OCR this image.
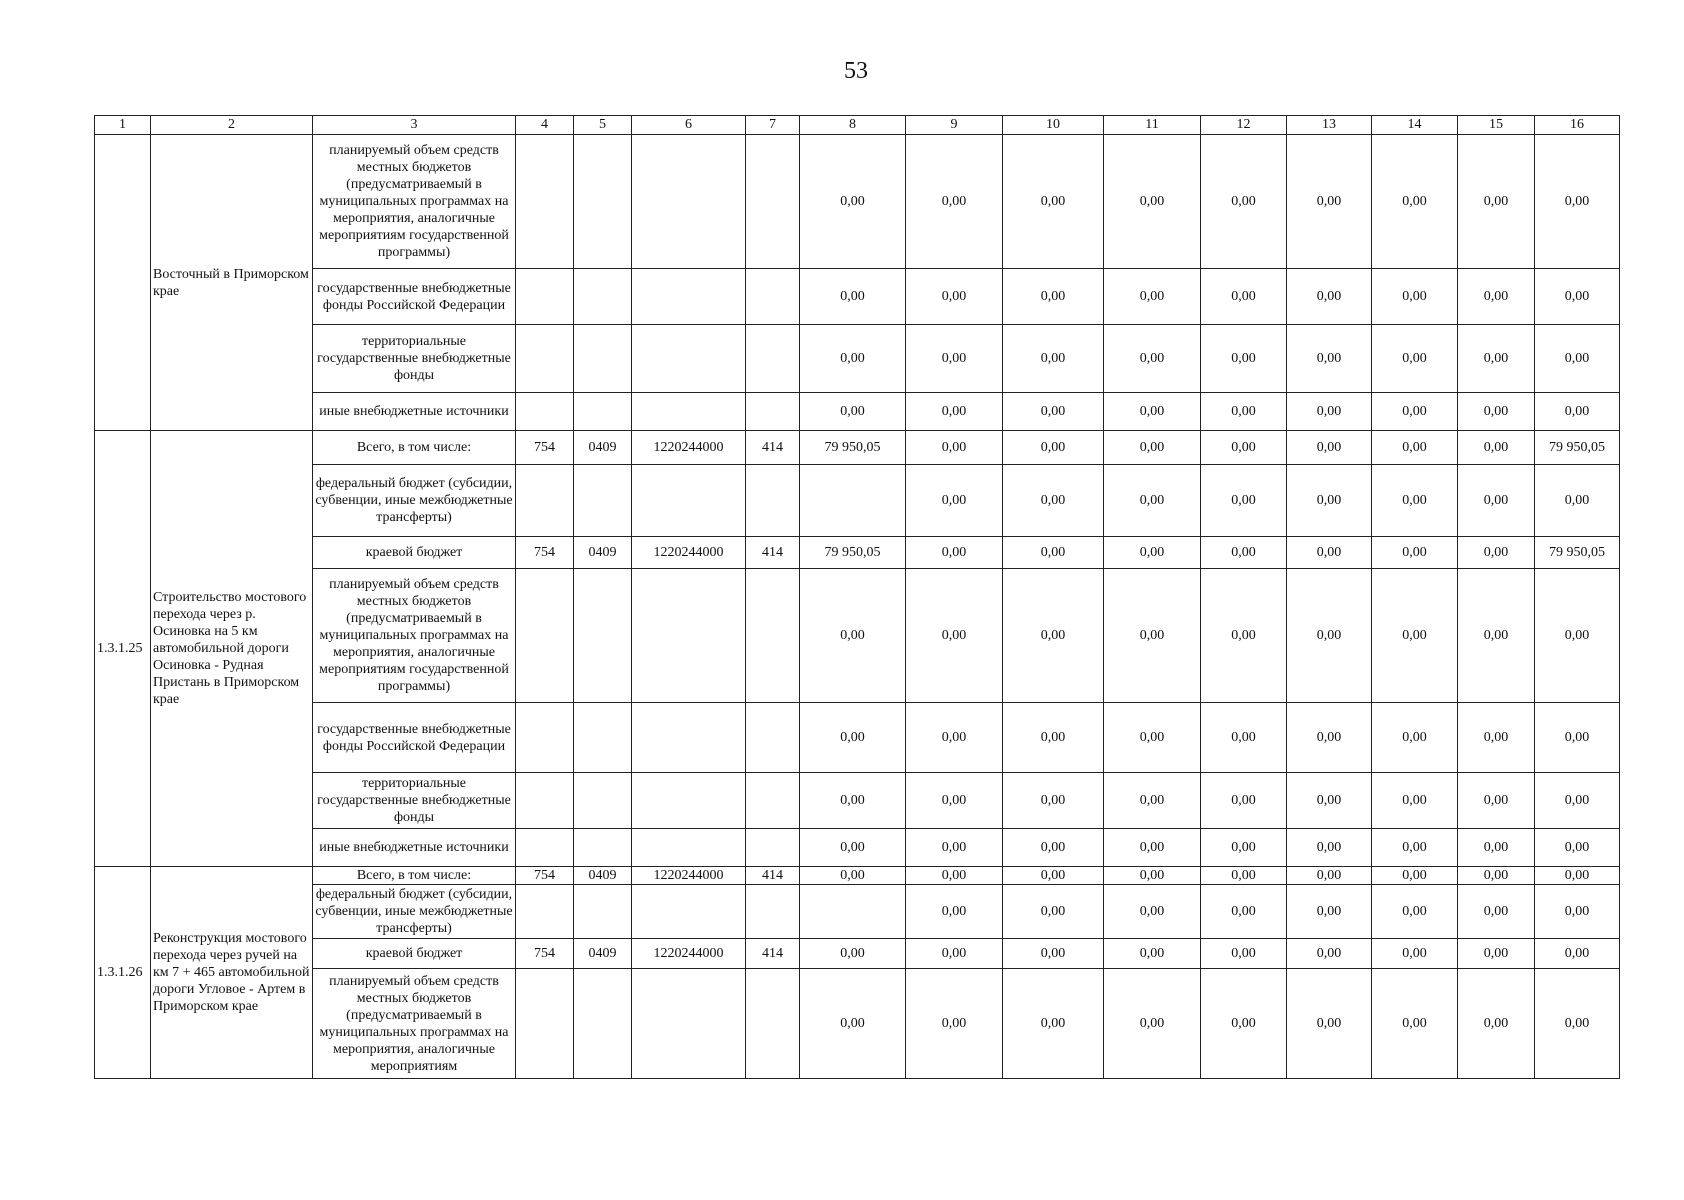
53
1	2	3	4	5	6	7	8	9	10	11	12	13	14	15	16
	Восточный в Приморском крае	планируемый объем средств местных бюджетов (предусматриваемый в муниципальных программах на мероприятия, аналогичные мероприятиям государственной программы)					0,00	0,00	0,00	0,00	0,00	0,00	0,00	0,00	0,00
		государственные внебюджетные фонды Российской Федерации					0,00	0,00	0,00	0,00	0,00	0,00	0,00	0,00	0,00
		территориальные государственные внебюджетные фонды					0,00	0,00	0,00	0,00	0,00	0,00	0,00	0,00	0,00
		иные внебюджетные источники					0,00	0,00	0,00	0,00	0,00	0,00	0,00	0,00	0,00
1.3.1.25	Строительство мостового перехода через р. Осиновка на 5 км автомобильной дороги Осиновка - Рудная Пристань в Приморском крае	Всего, в том числе:	754	0409	1220244000	414	79 950,05	0,00	0,00	0,00	0,00	0,00	0,00	0,00	79 950,05
		федеральный бюджет (субсидии, субвенции, иные межбюджетные трансферты)						0,00	0,00	0,00	0,00	0,00	0,00	0,00	0,00
		краевой бюджет	754	0409	1220244000	414	79 950,05	0,00	0,00	0,00	0,00	0,00	0,00	0,00	79 950,05
		планируемый объем средств местных бюджетов (предусматриваемый в муниципальных программах на мероприятия, аналогичные мероприятиям государственной программы)					0,00	0,00	0,00	0,00	0,00	0,00	0,00	0,00	0,00
		государственные внебюджетные фонды Российской Федерации					0,00	0,00	0,00	0,00	0,00	0,00	0,00	0,00	0,00
		территориальные государственные внебюджетные фонды					0,00	0,00	0,00	0,00	0,00	0,00	0,00	0,00	0,00
		иные внебюджетные источники					0,00	0,00	0,00	0,00	0,00	0,00	0,00	0,00	0,00
1.3.1.26	Реконструкция мостового перехода через ручей на км 7 + 465 автомобильной дороги Угловое - Артем в Приморском крае	Всего, в том числе:	754	0409	1220244000	414	0,00	0,00	0,00	0,00	0,00	0,00	0,00	0,00	0,00
		федеральный бюджет (субсидии, субвенции, иные межбюджетные трансферты)						0,00	0,00	0,00	0,00	0,00	0,00	0,00	0,00
		краевой бюджет	754	0409	1220244000	414	0,00	0,00	0,00	0,00	0,00	0,00	0,00	0,00	0,00
		планируемый объем средств местных бюджетов (предусматриваемый в муниципальных программах на мероприятия, аналогичные мероприятиям					0,00	0,00	0,00	0,00	0,00	0,00	0,00	0,00	0,00
